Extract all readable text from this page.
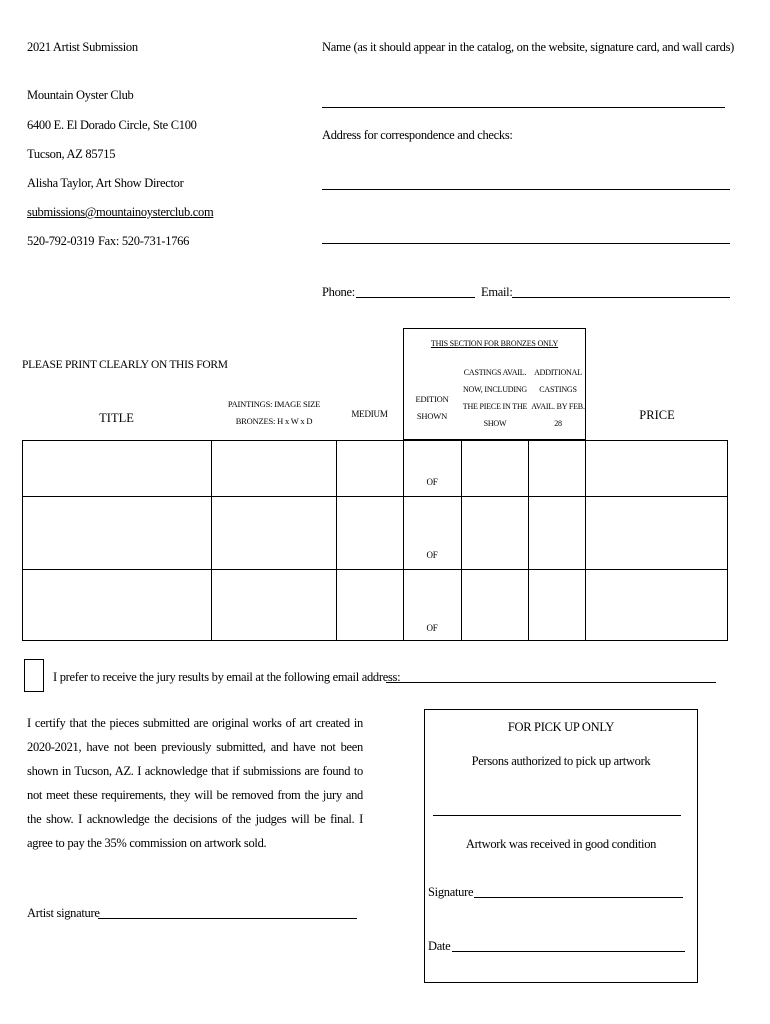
2021 Artist Submission	Name (as it should appear in the catalog, on the website, signature card, and wall cards)
Mountain Oyster Club
6400 E. El Dorado Circle, Ste C100
Tucson, AZ 85715
Alisha Taylor, Art Show Director
submissions@mountainoysterclub.com
520-792-0319 Fax: 520-731-1766
Address for correspondence and checks:
Phone:	Email:
PLEASE PRINT CLEARLY ON THIS FORM
THIS SECTION FOR BRONZES ONLY
TITLE
PAINTINGS: IMAGE SIZE BRONZES: H x W x D
MEDIUM
EDITION SHOWN
CASTINGS AVAIL. NOW, INCLUDING THE PIECE IN THE SHOW
ADDITIONAL CASTINGS AVAIL. BY FEB. 28
PRICE
OF
OF
OF
I prefer to receive the jury results by email at the following email address:
I certify that the pieces submitted are original works of art created in 2020-2021, have not been previously submitted, and have not been shown in Tucson, AZ. I acknowledge that if submissions are found to not meet these requirements, they will be removed from the jury and the show. I acknowledge the decisions of the judges will be final. I agree to pay the 35% commission on artwork sold.
Artist signature
FOR PICK UP ONLY
Persons authorized to pick up artwork
Artwork was received in good condition
Signature
Date
